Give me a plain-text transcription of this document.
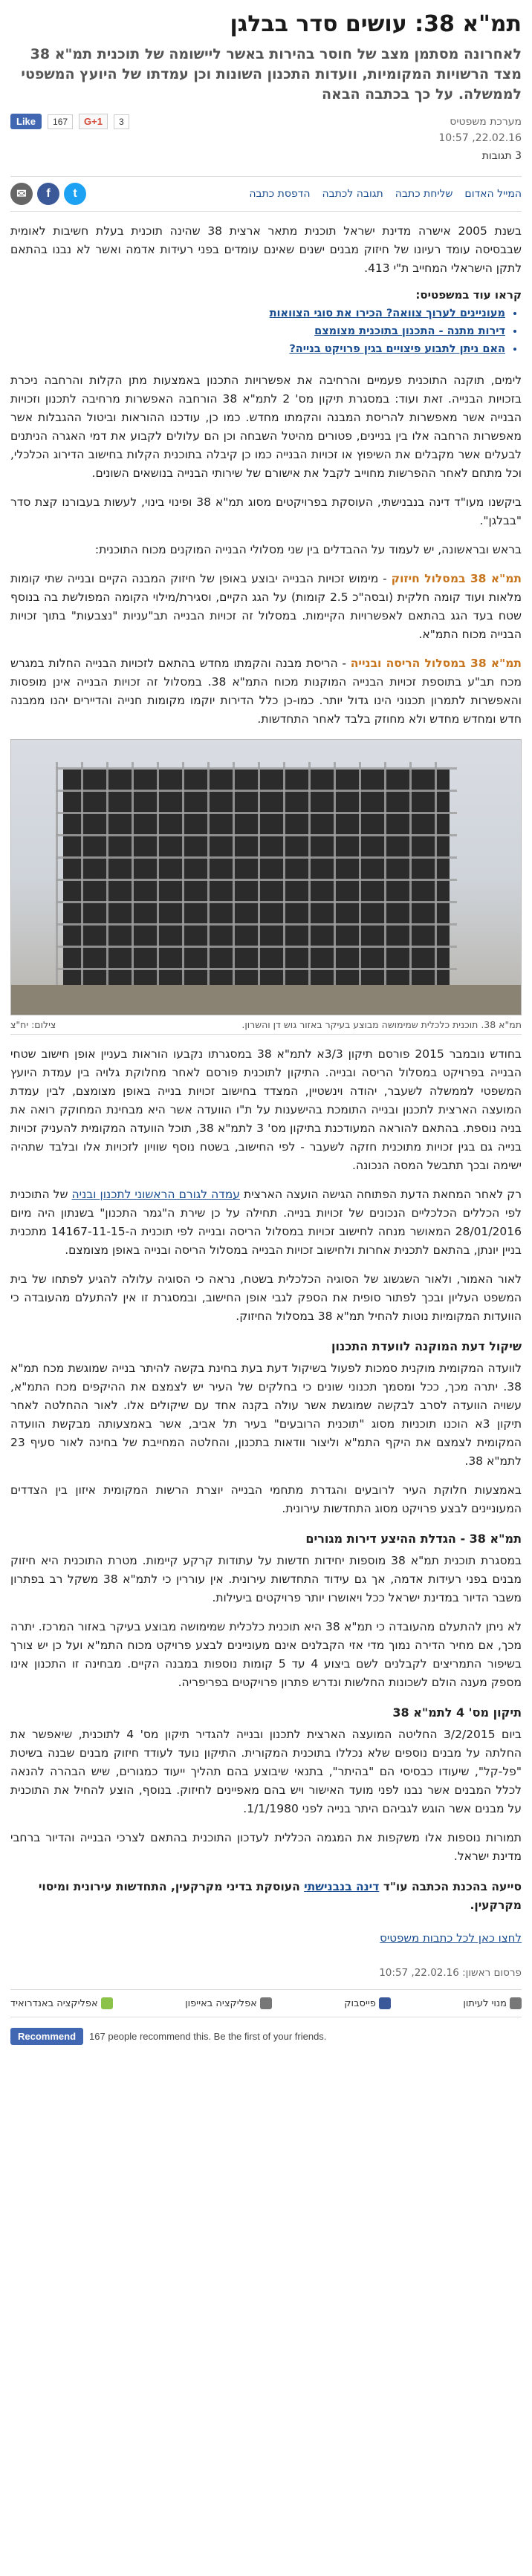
תמ"א 38: עושים סדר בבלגן
לאחרונה מסתמן מצב של חוסר בהירות באשר ליישומה של תוכנית תמ"א 38 מצד הרשויות המקומיות, וועדות התכנון השונות וכן עמדתו של היועץ המשפטי לממשלה. על כך בכתבה הבאה
מערכת משפטיס
22.02.16, 10:57
3 תגובות
Like	167	G+1	3
המייל האדום
שליחת כתבה
תגובה לכתבה
הדפסת כתבה
✉	f	t

בשנת 2005 אישרה מדינת ישראל תוכנית מתאר ארצית 38 שהינה תוכנית בעלת חשיבות לאומית שבבסיסה עומד רעיונו של חיזוק מבנים ישנים שאינם עומדים בפני רעידות אדמה ואשר לא נבנו בהתאם לתקן הישראלי המחייב ת"י 413.

קראו עוד במשפטיס:
• מעוניינים לערוך צוואה? הכירו את סוגי הצוואות
• דירות מתנה - התכנון בתוכנית מצומצם
• האם ניתן לתבוע פיצויים בגין פרויקט בנייה?

לימים, תוקנה התוכנית פעמיים והרחיבה את אפשרויות התכנון באמצעות מתן הקלות והרחבה ניכרת בזכויות הבנייה. זאת ועוד: במסגרת תיקון מס' 2 לתמ"א 38 הורחבה האפשרות מרחיבה לתכנון וזכויות הבנייה אשר מאפשרות להריסת המבנה והקמתו מחדש. כמו כן, עודכנו ההוראות וביטול ההגבלות אשר מאפשרות הרחבה אלו בין בניינים, פטורים מהיטל השבחה וכן הם עלולים לקבוע את דמי האגרה הניתנים לבעלים אשר מקבלים את השיפוץ או זכויות הבנייה כמו כן קיבלה בתוכנית הקלות בחישוב הדירוג הכלכלי, וכל מתחם לאחר ההפרשות מחוייב לקבל את אישורם של שירותי הבנייה בנושאים השונים.

ביקשנו מעו"ד דינה בנבנישתי, העוסקת בפרויקטים מסוג תמ"א 38 ופינוי בינוי, לעשות בעבורנו קצת סדר "בבלגן".

בראש ובראשונה, יש לעמוד על ההבדלים בין שני מסלולי הבנייה המוקנים מכוח התוכנית:

תמ"א 38 במסלול חיזוק - מימוש זכויות הבנייה יבוצע באופן של חיזוק המבנה הקיים ובנייה שתי קומות מלאות ועוד קומה חלקית (ובסה"כ 2.5 קומות) על הגג הקיים, וסגירת/מילוי הקומה המפולשת בה בנוסף שטח בעד הגג בהתאם לאפשרויות הקיימות. במסלול זה זכויות הבנייה תב"עניות "נצבעות" בתוך זכויות הבנייה מכוח התמ"א.

תמ"א 38 במסלול הריסה ובנייה - הריסת מבנה והקמתו מחדש בהתאם לזכויות הבנייה החלות במגרש מכח תב"ע בתוספת זכויות הבנייה המוקנות מכוח התמ"א 38. במסלול זה זכויות הבנייה אינן מופסות והאפשרות לתמרון תכנוני הינו גדול יותר. כמו-כן כלל הדירות יוקמו מקומות חנייה והדיירים יהנו ממבנה חדש ומחדש מחדש ולא מחוזק בלבד לאחר התחדשות.

תמ"א 38. תוכנית כלכלית שמימושה מבוצע בעיקר באזור גוש דן והשרון.
צילום: יח"צ

בחודש נובמבר 2015 פורסם תיקון 3/3א לתמ"א 38 במסגרתו נקבעו הוראות בעניין אופן חישוב שטחי הבנייה בפרויקט במסלול הריסה ובנייה. התיקון לתוכנית פורסם לאחר מחלוקת גלויה בין עמדת היועץ המשפטי לממשלה לשעבר, יהודה וינשטיין, המצדד בחישוב זכויות בנייה באופן מצומצם, לבין עמדת המועצה הארצית לתכנון ובנייה התומכת בהישענות על ת"ו הוועדה אשר היא מבחינת המחוקק רואה את בניה נוספת. בהתאם להוראה המעודכנת בתיקון מס' 3 לתמ"א 38, תוכל הוועדה המקומית להעניק זכויות בנייה גם בגין זכויות מתוכנית חזקה לשעבר - לפי החישוב, בשטח נוסף שוויון לזכויות אלו ובלבד שתהיה ישימה ובכך תתבשל המסה הנכונה.

רק לאחר המחאת הדעת הפתוחה הגישה הועצה הארצית עמדה לגורם הראשוני לתכנון ובניה של התוכנית לפי הכללים הכלכליים הנכונים של זכויות בנייה. תחילה על כן שירת ה"גמר התכנון" בשנתון היה מיום 28/01/2016 המאושר מנחה לחישוב זכויות במסלול הריסה ובנייה לפי תוכנית ה-14167-11-15 מתכנית בניין יונתן, בהתאם לתכנית אחרות ולחישוב זכויות הבנייה במסלול הריסה ובנייה באופן מצומצם.

לאור האמור, ולאור השגשוג של הסוגיה הכלכלית בשטח, נראה כי הסוגיה עלולה להגיע לפתחו של בית המשפט העליון ובכך לפתור סופית את הספק לגבי אופן החישוב, ובמסגרת זו אין להתעלם מהעובדה כי הוועדות המקומיות נוטות להחיל תמ"א 38 במסלול החיזוק.

שיקול דעת המוקנה לוועדת התכנון

לוועדה המקומית מוקנית סמכות לפעול בשיקול דעת בעת בחינת בקשה להיתר בנייה שמוגשת מכח תמ"א 38. יתרה מכך, ככל ומסמך תכנוני שונים כי בחלקים של העיר יש לצמצם את ההיקפים מכח התמ"א, עשויה הוועדה לסרב לבקשה שמוגשת אשר עולה בקנה אחד עם שיקולים אלו. לאור ההחלטה לאחר תיקון 3א הוכנו תוכניות מסוג "תוכנית הרובעים" בעיר תל אביב, אשר באמצעותה מבקשת הוועדה המקומית לצמצם את היקף התמ"א וליצור וודאות בתכנון, והחלטה המחייבת של בחינה לאור סעיף 23 לתמ"א 38.

באמצעות חלוקת העיר לרובעים והגדרת מתחמי הבנייה יוצרת הרשות המקומית איזון בין הצדדים המעוניינים לבצע פרויקט מסוג התחדשות עירונית.

תמ"א 38 - הגדלת ההיצע דירות מגורים

במסגרת תוכנית תמ"א 38 מוספות יחידות חדשות על עתודות קרקע קיימות. מטרת התוכנית היא חיזוק מבנים בפני רעידות אדמה, אך גם עידוד התחדשות עירונית. אין עוררין כי לתמ"א 38 משקל רב בפתרון משבר הדיור במדינת ישראל ככל ויאושרו יותר פרויקטים ביעילות.

לא ניתן להתעלם מהעובדה כי תמ"א 38 היא תוכנית כלכלית שמימושה מבוצע בעיקר באזור המרכז. יתרה מכך, אם מחיר הדירה נמוך מדי אזי הקבלנים אינם מעוניינים לבצע פרויקט מכוח התמ"א ועל כן יש צורך בשיפור התמריצים לקבלנים לשם ביצוע 4 עד 5 קומות נוספות במבנה הקיים. מבחינה זו התכנון אינו מספק מענה הולם לשכונות החלשות ונדרש פתרון פרויקטים בפריפריה.

תיקון מס' 4 לתמ"א 38

ביום 3/2/2015 החליטה המועצה הארצית לתכנון ובנייה להגדיר תיקון מס' 4 לתוכנית, שיאפשר את החלתה על מבנים נוספים שלא נכללו בתוכנית המקורית. התיקון נועד לעודד חיזוק מבנים שבנה בשיטת "פל-קל", שיעודו כבסיסי הם "בהיתר", בתנאי שיבוצע בהם תהליך ייעוד כמגורים, שיש הבהרה להנאה לכלל המבנים אשר נבנו לפני מועד האישור ויש בהם מאפיינים לחיזוק. בנוסף, הוצע להחיל את התוכנית על מבנים אשר הוגש לגביהם היתר בנייה לפני 1/1/1980.

תמורות נוספות אלו משקפות את המגמה הכללית לעדכון התוכנית בהתאם לצרכי הבנייה והדיור ברחבי מדינת ישראל.

סייעה בהכנת הכתבה עו"ד דינה בנבנישתי העוסקת בדיני מקרקעין, התחדשות עירונית ומיסוי מקרקעין.
לחצו כאן לכל כתבות משפטיס
פרסום ראשון: 22.02.16, 10:57
מנוי לעיתון
פייסבוק
אפליקציה באייפון
אפליקציה באנדרואיד
Recommend	167 people recommend this. Be the first of your friends.
